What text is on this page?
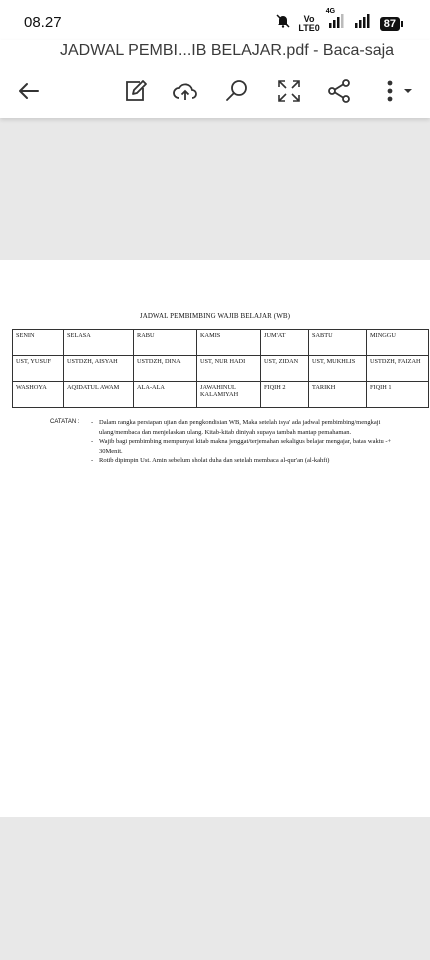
08.27	Vo
LTE0
4G
87
JADWAL PEMBI...IB BELAJAR.pdf - Baca-saja
JADWAL PEMBIMBING WAJIB BELAJAR (WB)
SENIN	SELASA	RABU	KAMIS	JUM'AT	SABTU	MINGGU
UST, YUSUF	USTDZH, AISYAH	USTDZH, DINA	UST, NUR HADI	UST, ZIDAN	UST, MUKHLIS	USTDZH, FAIZAH
WASHOYA	AQIDATUL AWAM	ALA-ALA	JAWAHINUL KALAMIYAH	FIQIH 2	TARIKH	FIQIH 1
CATATAN :	- Dalam rangka persiapan ujian dan pengkondisian WB, Maka setelah isya' ada jadwal pembimbing/mengkaji ulang/membaca dan menjelaskan ulang. Kitab-kitab diniyah supaya tambah mantap pemahaman.
- Wajib bagi pembimbing mempunyai kitab makna jenggat/terjemahan sekaligus belajar mengajar, batas waktu -+ 30Menit.
- Rotib dipimpin Ust. Amin sebelum sholat duha dan setelah membaca al-qur'an (al-kahfi)
